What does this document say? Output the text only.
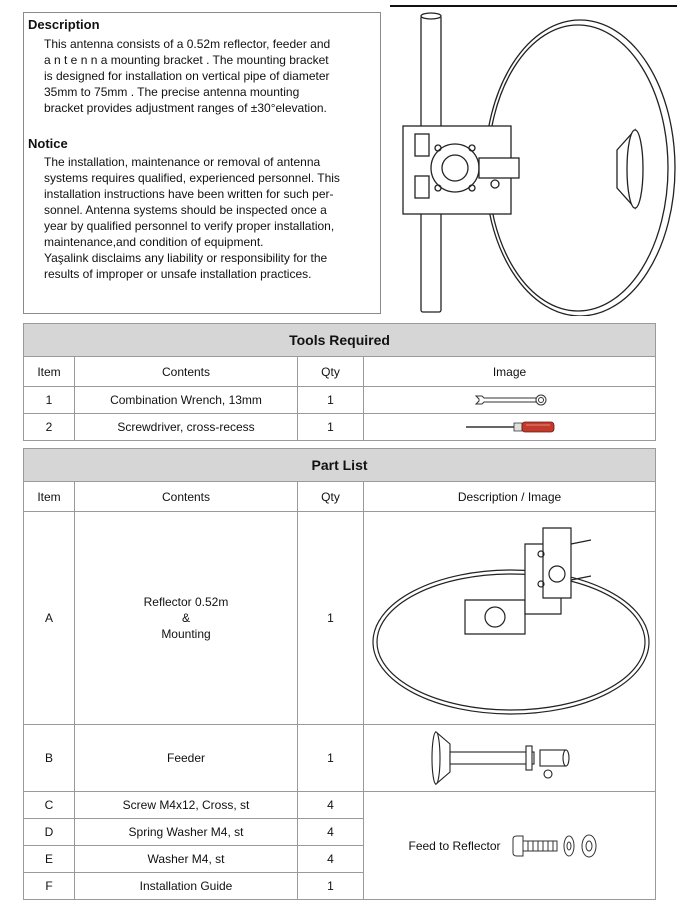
Description
This antenna consists of a 0.52m reflector, feeder and
a n t e n n a mounting bracket . The mounting bracket
is designed for installation on vertical pipe of diameter
35mm to 75mm . The precise antenna mounting
bracket provides adjustment ranges of ±30°elevation.
Notice
The installation, maintenance or removal of antenna
systems requires qualified, experienced personnel. This
installation instructions have been written for such per-
sonnel. Antenna systems should be inspected once a
year by qualified personnel to verify proper installation,
maintenance,and condition of equipment.
Yaşalink disclaims any liability or responsibility for the
results of improper or unsafe installation practices.
Tools Required			
Item	Contents	Qty	Image
1	Combination Wrench, 13mm	1	

2	Screwdriver, cross-recess	1	
Part List			
Item	Contents	Qty	Description / Image
A	Reflector 0.52m
&
Mounting	1	

B	Feeder	1	

C	Screw M4x12, Cross, st	4	Feed to Reflector

D	Spring Washer M4, st	4	
E	Washer M4, st	4	
F	Installation Guide	1	
